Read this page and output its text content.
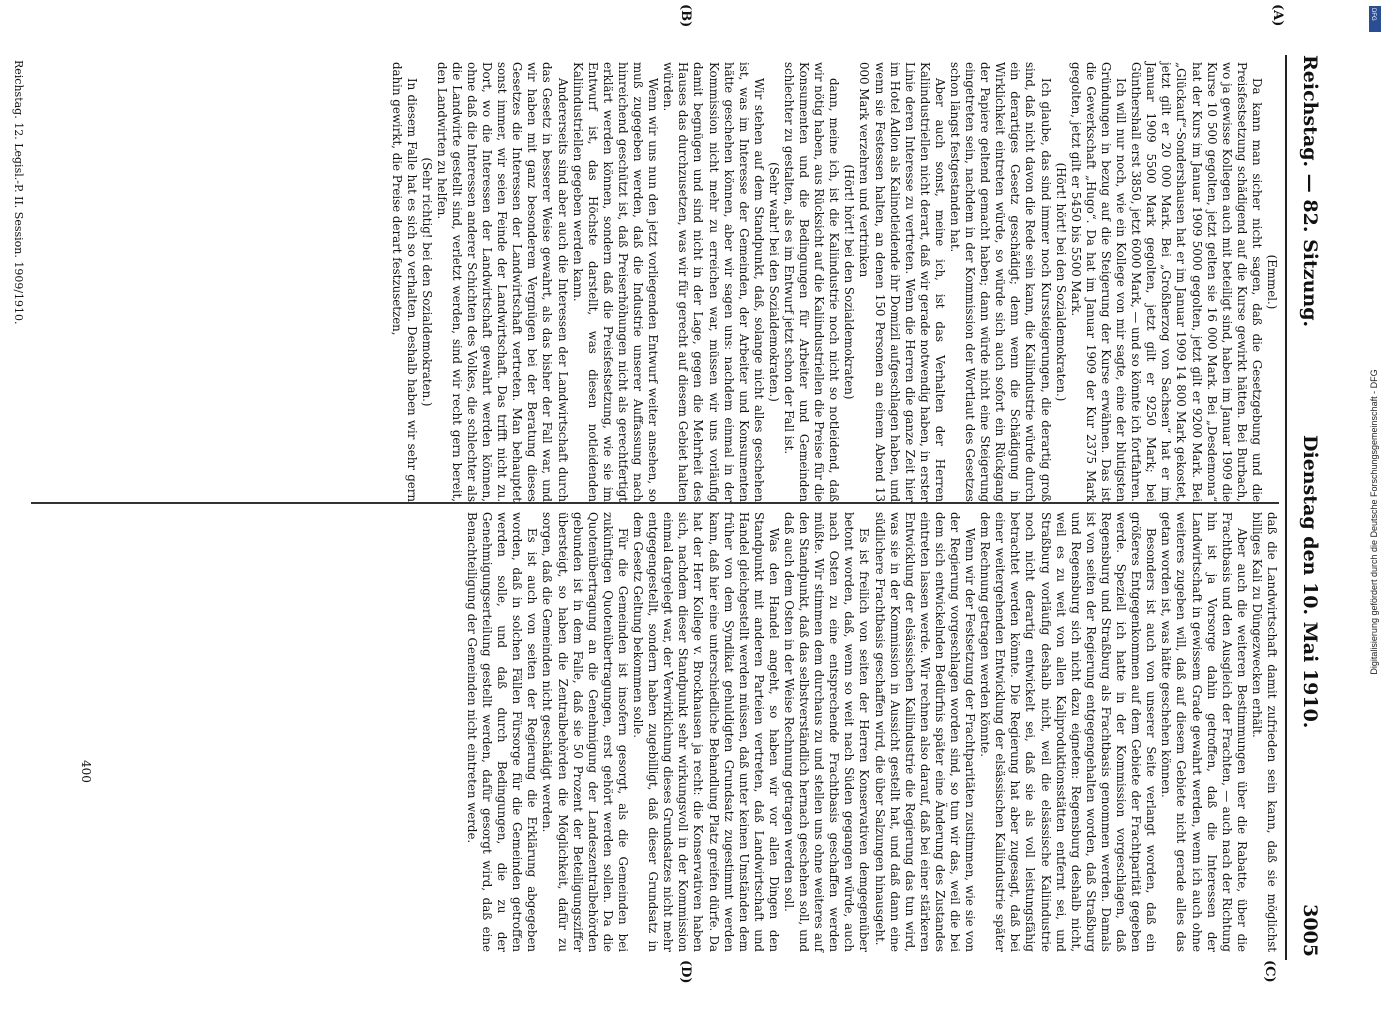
Reichstag. — 82. Sitzung.
Dienstag den 10. Mai 1910.
3005
(A)
(B)
(C)
(D)

(Emmel.)

Da kann man sicher nicht sagen, daß die Gesetzgebung und die Preisfestsetzung schädigend auf die Kurse gewirkt hätten. Bei Burbach, wo ja gewisse Kollegen auch mit beteiligt sind, haben im Januar 1909 die Kurse 10 500 gegolten, jetzt gelten sie 16 000 Mark. Bei „Desdemona“ hat der Kurs im Januar 1909 5000 gegolten, jetzt gilt er 9200 Mark. Bei „Glückauf“-Sondershausen hat er im Januar 1909 14 800 Mark gekostet, jetzt gilt er 20 000 Mark. Bei „Großherzog von Sachsen“ hat er im Januar 1909 5500 Mark gegolten, jetzt gilt er 9250 Mark; bei Günthershall erst 3850, jetzt 6000 Mark, — und so könnte ich fortfahren.

Ich will nur noch, wie ein Kollege von mir sagte, eine der blutigsten Gründungen in bezug auf die Steigerung der Kurse erwähnen. Das ist die Gewerkschaft „Hugo“. Da hat im Januar 1909 der Kur 2375 Mark gegolten, jetzt gilt er 5450 bis 5500 Mark.

(Hört! hört! bei den Sozialdemokraten.)

Ich glaube, das sind immer noch Kurssteigerungen, die derartig groß sind, daß nicht davon die Rede sein kann, die Kaliindustrie würde durch ein derartiges Gesetz geschädigt; denn wenn die Schädigung in Wirklichkeit eintreten würde, so würde sich auch sofort ein Rückgang der Papiere geltend gemacht haben; dann würde nicht eine Steigerung eingetreten sein, nachdem in der Kommission der Wortlaut des Gesetzes schon längst festgestanden hat.

Aber auch sonst, meine ich, ist das Verhalten der Herren Kaliindustriellen nicht derart, daß wir gerade notwendig haben, in erster Linie deren Interesse zu vertreten. Wenn die Herren die ganze Zeit hier im Hotel Adlon als Kalinotleidende ihr Domizil aufgeschlagen haben, und wenn sie Festessen halten, an denen 150 Personen an einem Abend 13 000 Mark verzehren und vertrinken

(Hört! hört! bei den Sozialdemokraten)

dann, meine ich, ist die Kaliindustrie noch nicht so notleidend, daß wir nötig haben, aus Rücksicht auf die Kaliindustriellen die Preise für die Konsumenten und die Bedingungen für Arbeiter und Gemeinden schlechter zu gestalten, als es im Entwurf jetzt schon der Fall ist.

(Sehr wahr! bei den Sozialdemokraten.)

Wir stehen auf dem Standpunkt, daß, solange nicht alles geschehen ist, was im Interesse der Gemeinden, der Arbeiter und Konsumenten hätte geschehen können, aber wir sagen uns: nachdem einmal in der Kommission nicht mehr zu erreichen war, müssen wir uns vorläufig damit begnügen und sind nicht in der Lage, gegen die Mehrheit des Hauses das durchzusetzen, was wir für gerecht auf diesem Gebiet halten würden.

Wenn wir uns nun den jetzt vorliegenden Entwurf weiter ansehen, so muß zugegeben werden, daß die Industrie unserer Auffassung nach hinreichend geschützt ist, daß Preiserhöhungen nicht als gerechtfertigt erklärt werden können, sondern daß die Preisfestsetzung, wie sie im Entwurf ist, das Höchste darstellt, was diesen notleidenden Kaliindustriellen gegeben werden kann.

Andererseits sind aber auch die Interessen der Landwirtschaft durch das Gesetz in besserer Weise gewahrt, als das bisher der Fall war, und wir haben mit ganz besonderem Vergnügen bei der Beratung dieses Gesetzes die Interessen der Landwirtschaft vertreten. Man behauptet sonst immer, wir seien Feinde der Landwirtschaft. Das trifft nicht zu. Dort, wo die Interessen der Landwirtschaft gewahrt werden können, ohne daß die Interessen anderer Schichten des Volkes, die schlechter als die Landwirte gestellt sind, verletzt werden, sind wir recht gern bereit, den Landwirten zu helfen.

(Sehr richtig! bei den Sozialdemokraten.)

In diesem Falle hat es sich so verhalten. Deshalb haben wir sehr gern dahin gewirkt, die Preise derart festzusetzen,

daß die Landwirtschaft damit zufrieden sein kann, daß sie möglichst billiges Kali zu Düngezwecken erhält.

Aber auch die weiteren Bestimmungen über die Rabatte, über die Frachtbasis und den Ausgleich der Frachten, — auch nach der Richtung hin ist ja Vorsorge dahin getroffen, daß die Interessen der Landwirtschaft in gewissem Grade gewahrt werden, wenn ich auch ohne weiteres zugeben will, daß auf diesem Gebiete nicht gerade alles das getan worden ist, was hätte geschehen können.

Besonders ist auch von unserer Seite verlangt worden, daß ein größeres Entgegenkommen auf dem Gebiete der Frachtparität gegeben werde. Speziell ich hatte in der Kommission vorgeschlagen, daß Regensburg und Straßburg als Frachtbasis genommen werden. Damals ist von seiten der Regierung entgegengehalten worden, daß Straßburg und Regensburg sich nicht dazu eigneten: Regensburg deshalb nicht, weil es zu weit von allen Kaliproduktionsstätten entfernt sei, und Straßburg vorläufig deshalb nicht, weil die elsässische Kaliindustrie noch nicht derartig entwickelt sei, daß sie als voll leistungsfähig betrachtet werden könnte. Die Regierung hat aber zugesagt, daß bei einer weitergehenden Entwicklung der elsässischen Kaliindustrie später dem Rechnung getragen werden könnte.

Wenn wir der Festsetzung der Frachtparitäten zustimmen, wie sie von der Regierung vorgeschlagen worden sind, so tun wir das, weil die bei dem sich entwickelnden Bedürfnis später eine Änderung des Zustandes eintreten lassen werde. Wir rechnen also darauf, daß bei einer stärkeren Entwicklung der elsässischen Kaliindustrie die Regierung das tun wird, was sie in der Kommission in Aussicht gestellt hat, und daß dann eine südlichere Frachtbasis geschaffen wird, die über Salzungen hinausgeht.

Es ist freilich von seiten der Herren Konservativen demgegenüber betont worden, daß, wenn so weit nach Süden gegangen würde, auch nach Osten zu eine entsprechende Frachtbasis geschaffen werden müßte. Wir stimmen dem durchaus zu und stellen uns ohne weiteres auf den Standpunkt, daß das selbstverständlich hernach geschehen soll, und daß auch dem Osten in der Weise Rechnung getragen werden soll.

Was den Handel angeht, so haben wir vor allen Dingen den Standpunkt mit anderen Parteien vertreten, daß Landwirtschaft und Handel gleichgestellt werden müssen, daß unter keinen Umständen dem früher von dem Syndikat gehuldigten Grundsatz zugestimmt werden kann, daß hier eine unterschiedliche Behandlung Platz greifen dürfe. Da hat der Herr Kollege v. Brockhausen ja recht: die Konservativen haben sich, nachdem dieser Standpunkt sehr wirkungsvoll in der Kommission einmal dargelegt war, der Verwirklichung dieses Grundsatzes nicht mehr entgegengestellt, sondern haben zugebilligt, daß dieser Grundsatz in dem Gesetz Geltung bekommen solle.

Für die Gemeinden ist insofern gesorgt, als die Gemeinden bei zukünftigen Quotenübertragungen, erst gehört werden sollen. Da die Quotenübertragung an die Genehmigung der Landeszentralbehörden gebunden ist in dem Falle, daß sie 50 Prozent der Beteiligungsziffer übersteigt, so haben die Zentralbehörden die Möglichkeit, dafür zu sorgen, daß die Gemeinden nicht geschädigt werden.

Es ist auch von seiten der Regierung die Erklärung abgegeben worden, daß in solchen Fällen Fürsorge für die Gemeinden getroffen werden solle, und daß durch Bedingungen, die zu der Genehmigungserteilung gestellt werden, dafür gesorgt wird, daß eine Benachteiligung der Gemeinden nicht eintreten werde.

Reichstag. 12. Legisl.-P. II. Session. 1909/1910.
400
DFG
Digitalisierung gefördert durch die Deutsche Forschungsgemeinschaft - DFG
